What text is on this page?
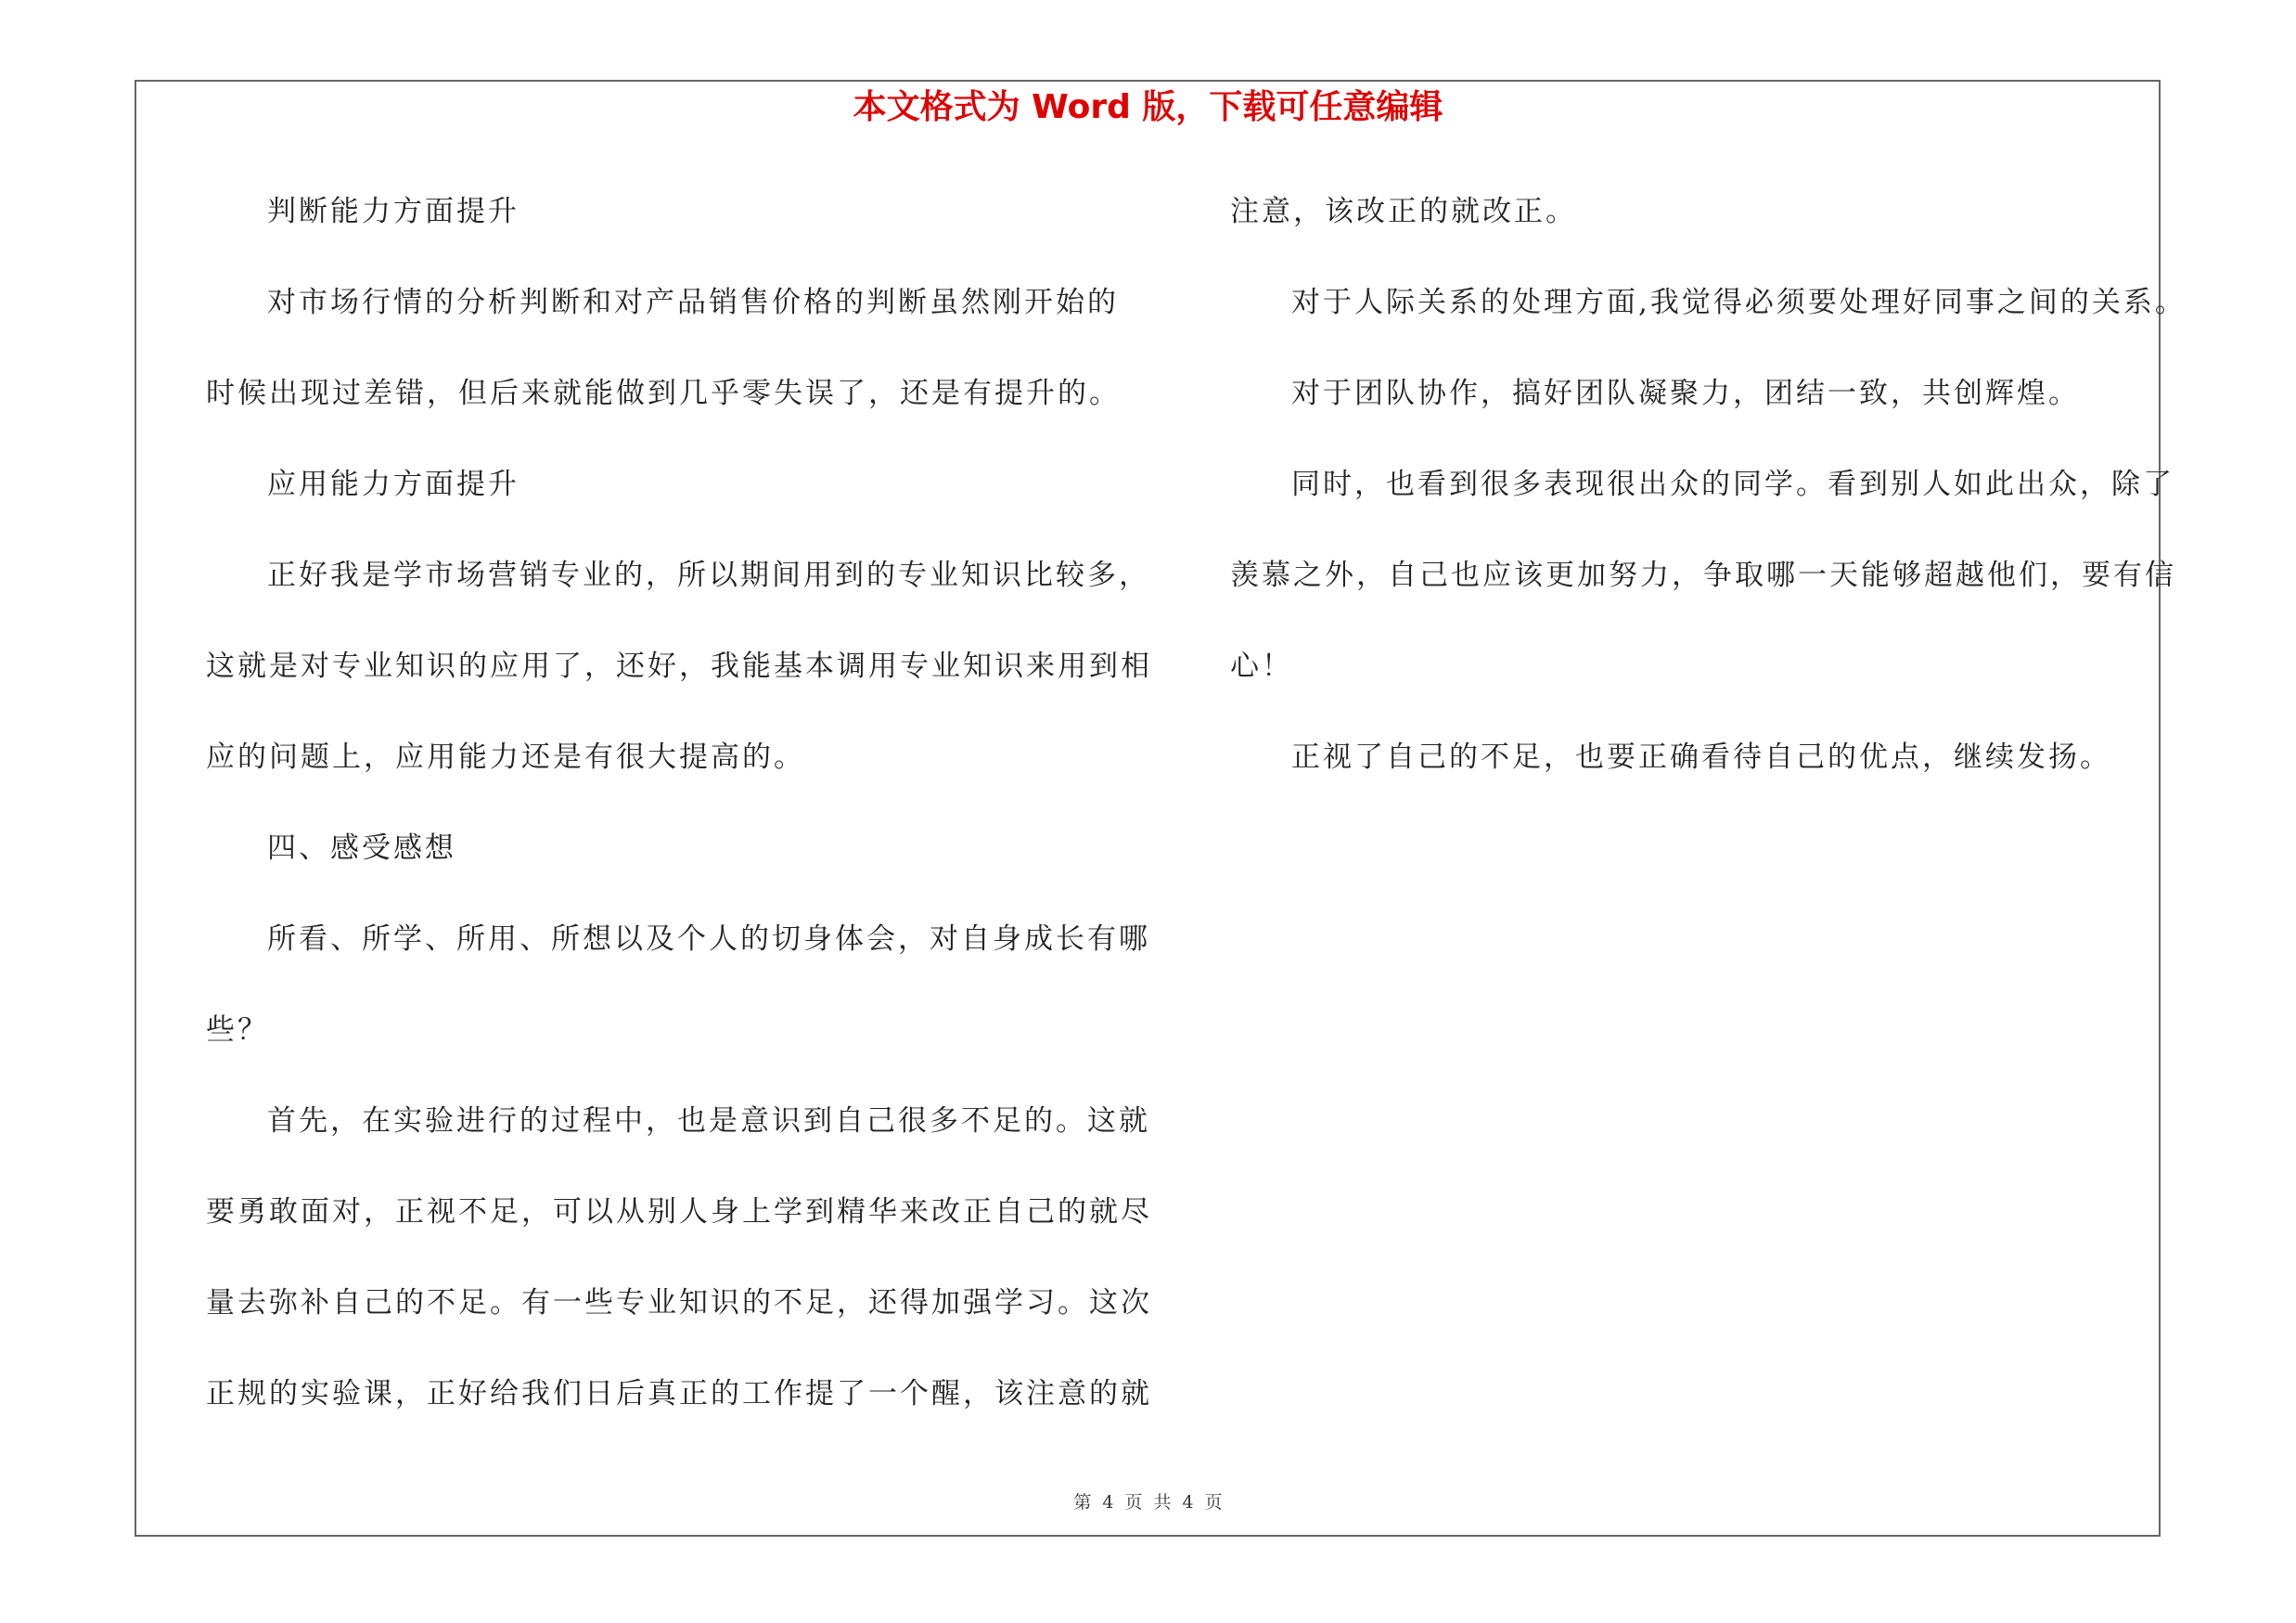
本文格式为 Word 版，下载可任意编辑
判断能力方面提升
对市场行情的分析判断和对产品销售价格的判断虽然刚开始的
时候出现过差错，但后来就能做到几乎零失误了，还是有提升的。
应用能力方面提升
正好我是学市场营销专业的，所以期间用到的专业知识比较多，
这就是对专业知识的应用了，还好，我能基本调用专业知识来用到相
应的问题上，应用能力还是有很大提高的。
四、感受感想
所看、所学、所用、所想以及个人的切身体会，对自身成长有哪
些？
首先，在实验进行的过程中，也是意识到自己很多不足的。这就
要勇敢面对，正视不足，可以从别人身上学到精华来改正自己的就尽
量去弥补自己的不足。有一些专业知识的不足，还得加强学习。这次
正规的实验课，正好给我们日后真正的工作提了一个醒，该注意的就
注意，该改正的就改正。
对于人际关系的处理方面,我觉得必须要处理好同事之间的关系。
对于团队协作，搞好团队凝聚力，团结一致，共创辉煌。
同时，也看到很多表现很出众的同学。看到别人如此出众，除了
羡慕之外，自己也应该更加努力，争取哪一天能够超越他们，要有信
心！
正视了自己的不足，也要正确看待自己的优点，继续发扬。
第 4 页 共 4 页
